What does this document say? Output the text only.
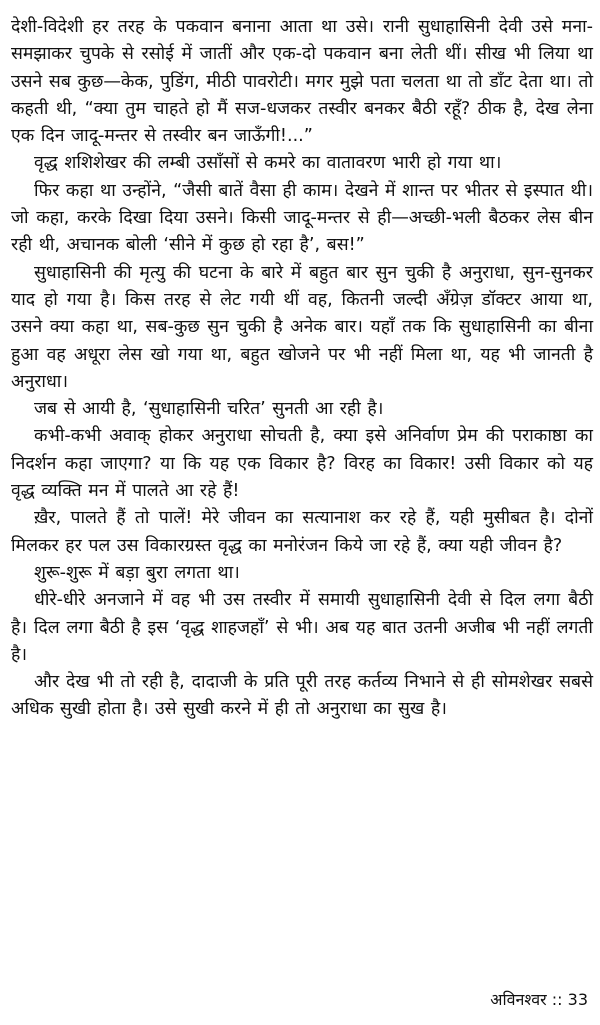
देशी-विदेशी हर तरह के पकवान बनाना आता था उसे। रानी सुधाहासिनी देवी उसे मना-समझाकर चुपके से रसोई में जातीं और एक-दो पकवान बना लेती थीं। सीख भी लिया था उसने सब कुछ—केक, पुडिंग, मीठी पावरोटी। मगर मुझे पता चलता था तो डाँट देता था। तो कहती थी, “क्या तुम चाहते हो मैं सज-धजकर तस्वीर बनकर बैठी रहूँ? ठीक है, देख लेना एक दिन जादू-मन्तर से तस्वीर बन जाऊँगी!...”

वृद्ध शशिशेखर की लम्बी उसाँसों से कमरे का वातावरण भारी हो गया था।

फिर कहा था उन्होंने, “जैसी बातें वैसा ही काम। देखने में शान्त पर भीतर से इस्पात थी। जो कहा, करके दिखा दिया उसने। किसी जादू-मन्तर से ही—अच्छी-भली बैठकर लेस बीन रही थी, अचानक बोली ‘सीने में कुछ हो रहा है’, बस!”

सुधाहासिनी की मृत्यु की घटना के बारे में बहुत बार सुन चुकी है अनुराधा, सुन-सुनकर याद हो गया है। किस तरह से लेट गयी थीं वह, कितनी जल्दी अँग्रेज़ डॉक्टर आया था, उसने क्या कहा था, सब-कुछ सुन चुकी है अनेक बार। यहाँ तक कि सुधाहासिनी का बीना हुआ वह अधूरा लेस खो गया था, बहुत खोजने पर भी नहीं मिला था, यह भी जानती है अनुराधा।

जब से आयी है, ‘सुधाहासिनी चरित’ सुनती आ रही है।

कभी-कभी अवाक् होकर अनुराधा सोचती है, क्या इसे अनिर्वाण प्रेम की पराकाष्ठा का निदर्शन कहा जाएगा? या कि यह एक विकार है? विरह का विकार! उसी विकार को यह वृद्ध व्यक्ति मन में पालते आ रहे हैं!

ख़ैर, पालते हैं तो पालें! मेरे जीवन का सत्यानाश कर रहे हैं, यही मुसीबत है। दोनों मिलकर हर पल उस विकारग्रस्त वृद्ध का मनोरंजन किये जा रहे हैं, क्या यही जीवन है?

शुरू-शुरू में बड़ा बुरा लगता था।

धीरे-धीरे अनजाने में वह भी उस तस्वीर में समायी सुधाहासिनी देवी से दिल लगा बैठी है। दिल लगा बैठी है इस ‘वृद्ध शाहजहाँ’ से भी। अब यह बात उतनी अजीब भी नहीं लगती है।

और देख भी तो रही है, दादाजी के प्रति पूरी तरह कर्तव्य निभाने से ही सोमशेखर सबसे अधिक सुखी होता है। उसे सुखी करने में ही तो अनुराधा का सुख है।

अविनश्वर :: 33
